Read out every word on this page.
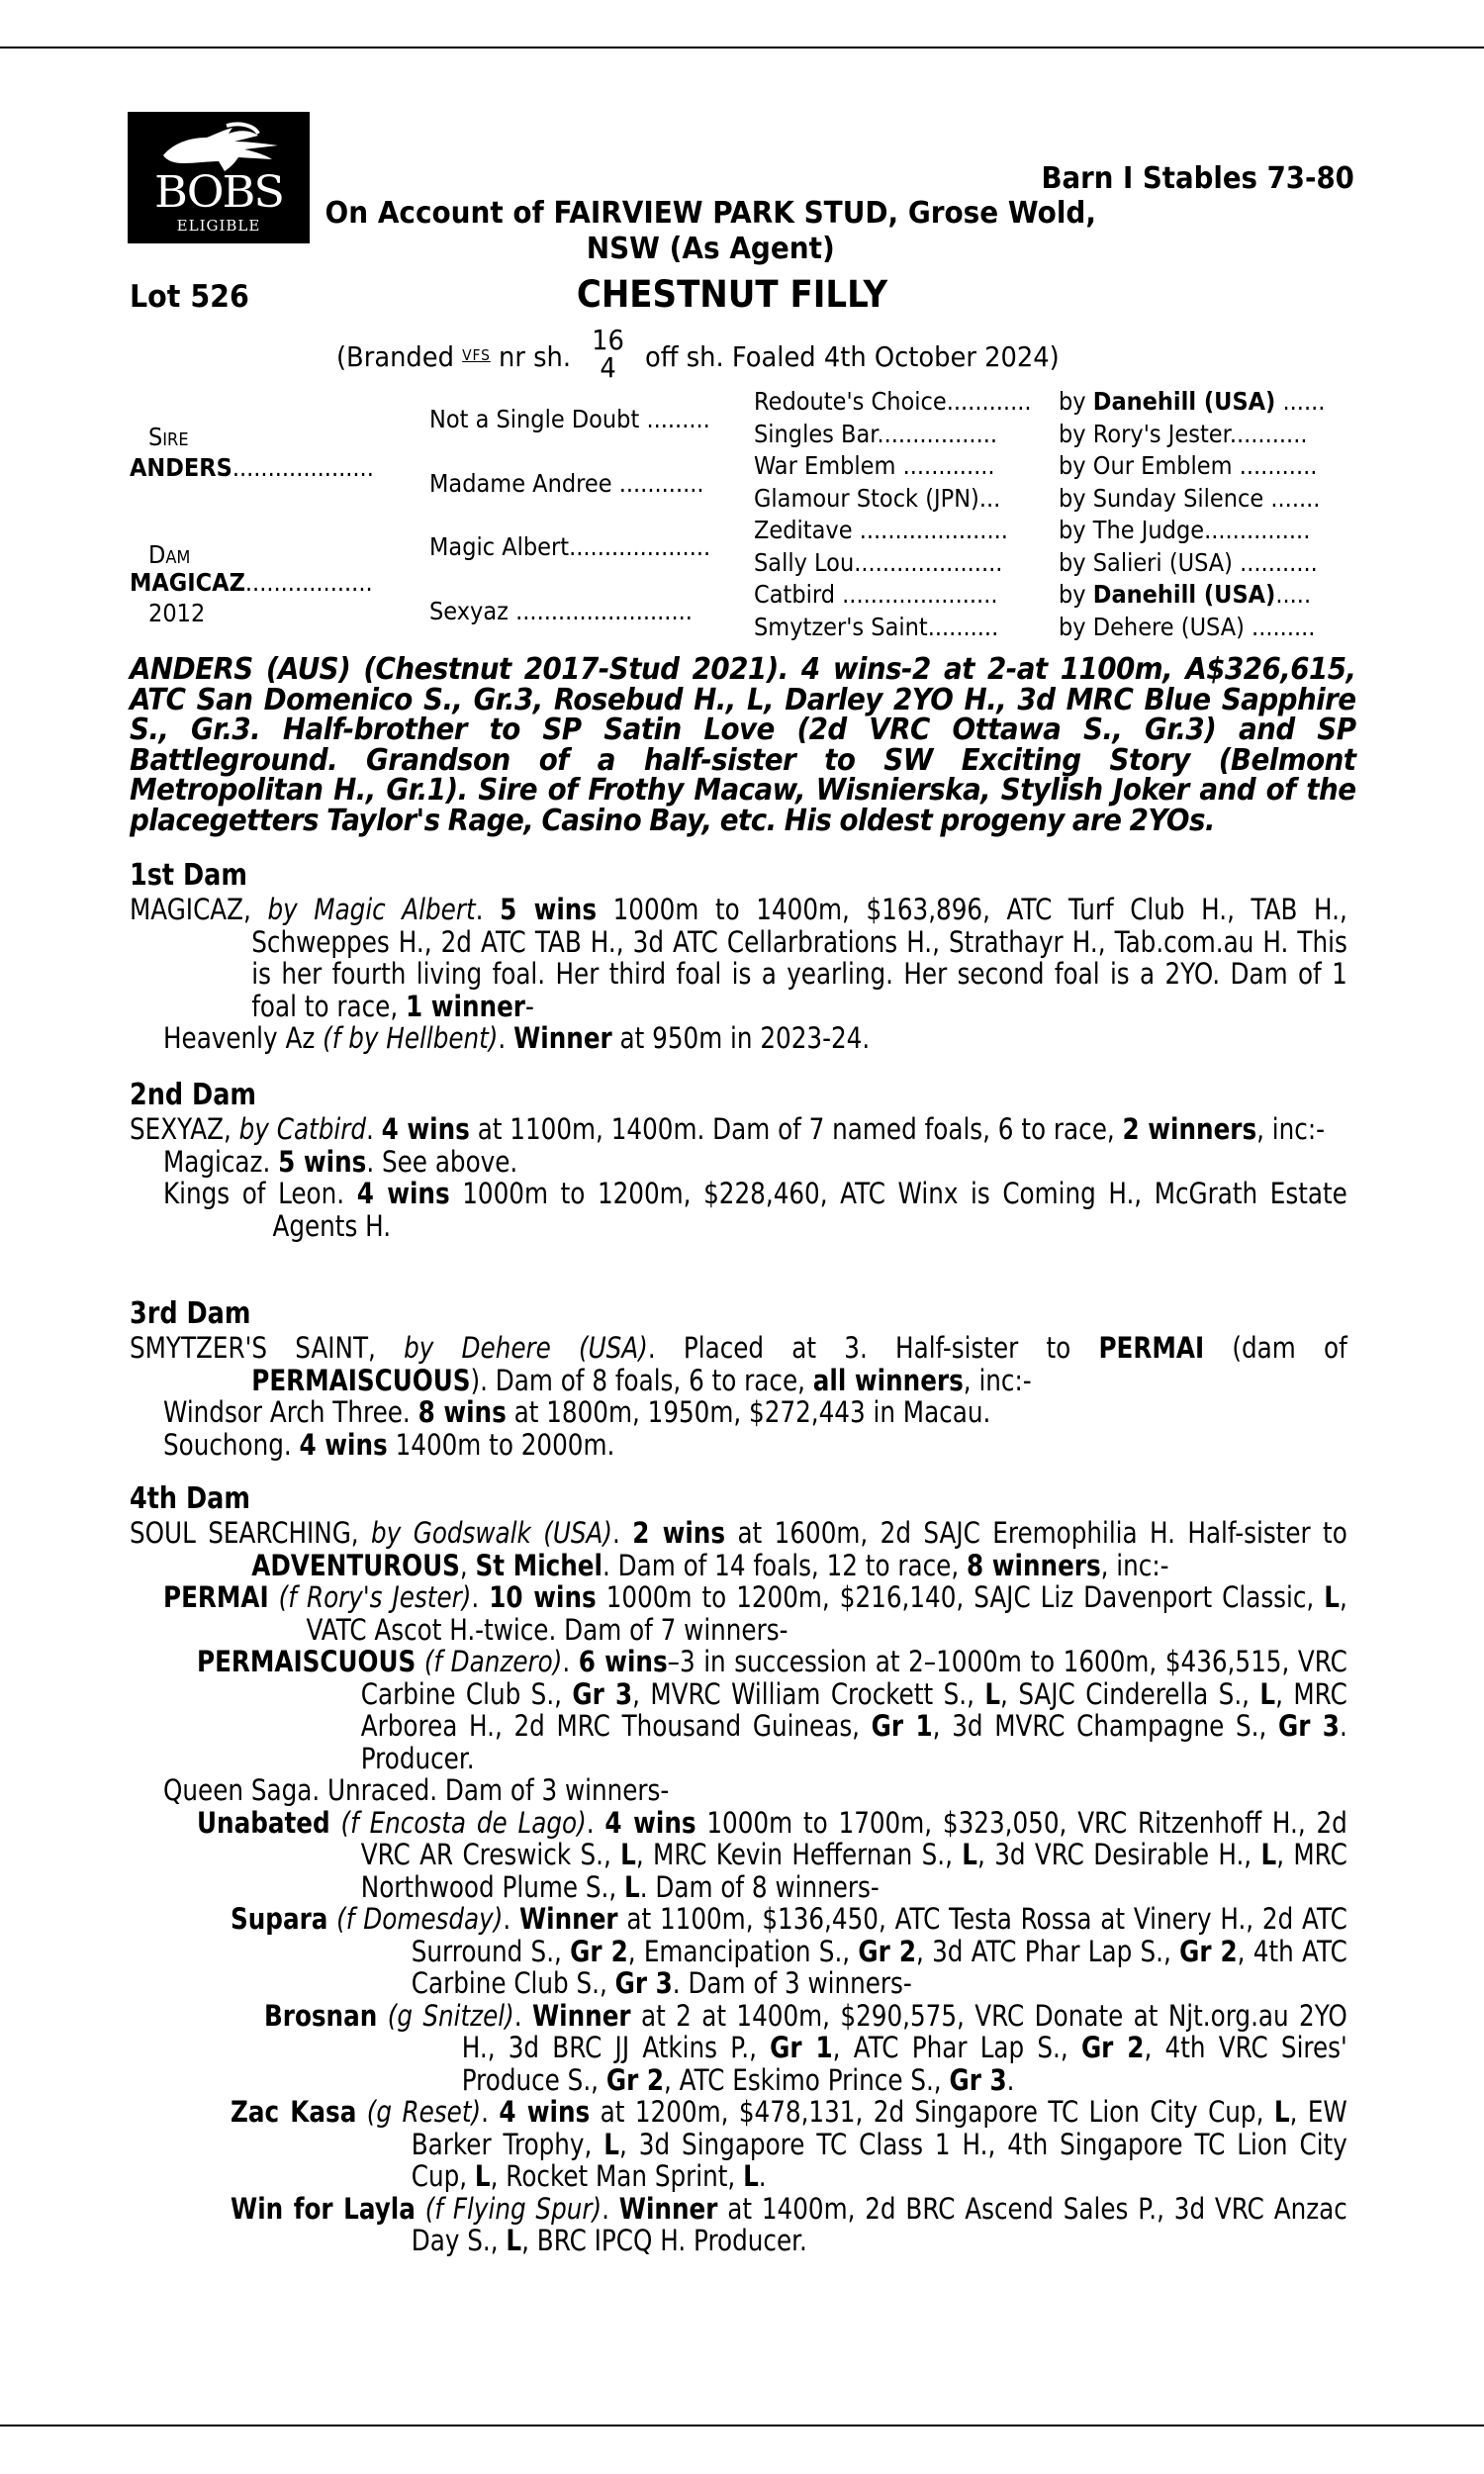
BOBS
ELIGIBLE
Barn I Stables 73-80
On Account of FAIRVIEW PARK STUD, Grose Wold,
NSW (As Agent)
Lot 526	CHESTNUT FILLY
(Branded $^{VFS}$ nr sh. 16
4 off sh. Foaled 4th October 2024)
Sire
ANDERS....................
Dam
MAGICAZ..................
2012
Not a Single Doubt .........
Madame Andree ............
Magic Albert....................
Sexyaz .........................
Redoute's Choice............
Singles Bar.................
War Emblem .............
Glamour Stock (JPN)...
Zeditave .....................
Sally Lou.....................
Catbird ......................
Smytzer's Saint..........
by Danehill (USA) ......
by Rory's Jester...........
by Our Emblem ...........
by Sunday Silence .......
by The Judge...............
by Salieri (USA) ...........
by Danehill (USA).....
by Dehere (USA) .........
ANDERS (AUS) (Chestnut 2017-Stud 2021). 4 wins-2 at 2-at 1100m, A$326,615, ATC San Domenico S., Gr.3, Rosebud H., L, Darley 2YO H., 3d MRC Blue Sapphire S., Gr.3. Half-brother to SP Satin Love (2d VRC Ottawa S., Gr.3) and SP Battleground. Grandson of a half-sister to SW Exciting Story (Belmont Metropolitan H., Gr.1). Sire of Frothy Macaw, Wisnierska, Stylish Joker and of the placegetters Taylor's Rage, Casino Bay, etc. His oldest progeny are 2YOs.
1st Dam
MAGICAZ, by Magic Albert. 5 wins 1000m to 1400m, $163,896, ATC Turf Club H., TAB H., Schweppes H., 2d ATC TAB H., 3d ATC Cellarbrations H., Strathayr H., Tab.com.au H. This is her fourth living foal. Her third foal is a yearling. Her second foal is a 2YO. Dam of 1 foal to race, 1 winner-
Heavenly Az (f by Hellbent). Winner at 950m in 2023-24.
2nd Dam
SEXYAZ, by Catbird. 4 wins at 1100m, 1400m. Dam of 7 named foals, 6 to race, 2 winners, inc:-
Magicaz. 5 wins. See above.
Kings of Leon. 4 wins 1000m to 1200m, $228,460, ATC Winx is Coming H., McGrath Estate Agents H.
3rd Dam
SMYTZER'S SAINT, by Dehere (USA). Placed at 3. Half-sister to PERMAI (dam of PERMAISCUOUS). Dam of 8 foals, 6 to race, all winners, inc:-
Windsor Arch Three. 8 wins at 1800m, 1950m, $272,443 in Macau.
Souchong. 4 wins 1400m to 2000m.
4th Dam
SOUL SEARCHING, by Godswalk (USA). 2 wins at 1600m, 2d SAJC Eremophilia H. Half-sister to ADVENTUROUS, St Michel. Dam of 14 foals, 12 to race, 8 winners, inc:-
PERMAI (f Rory's Jester). 10 wins 1000m to 1200m, $216,140, SAJC Liz Davenport Classic, L, VATC Ascot H.-twice. Dam of 7 winners-
PERMAISCUOUS (f Danzero). 6 wins–3 in succession at 2–1000m to 1600m, $436,515, VRC Carbine Club S., Gr 3, MVRC William Crockett S., L, SAJC Cinderella S., L, MRC Arborea H., 2d MRC Thousand Guineas, Gr 1, 3d MVRC Champagne S., Gr 3. Producer.
Queen Saga. Unraced. Dam of 3 winners-
Unabated (f Encosta de Lago). 4 wins 1000m to 1700m, $323,050, VRC Ritzenhoff H., 2d VRC AR Creswick S., L, MRC Kevin Heffernan S., L, 3d VRC Desirable H., L, MRC Northwood Plume S., L. Dam of 8 winners-
Supara (f Domesday). Winner at 1100m, $136,450, ATC Testa Rossa at Vinery H., 2d ATC Surround S., Gr 2, Emancipation S., Gr 2, 3d ATC Phar Lap S., Gr 2, 4th ATC Carbine Club S., Gr 3. Dam of 3 winners-
Brosnan (g Snitzel). Winner at 2 at 1400m, $290,575, VRC Donate at Njt.org.au 2YO H., 3d BRC JJ Atkins P., Gr 1, ATC Phar Lap S., Gr 2, 4th VRC Sires' Produce S., Gr 2, ATC Eskimo Prince S., Gr 3.
Zac Kasa (g Reset). 4 wins at 1200m, $478,131, 2d Singapore TC Lion City Cup, L, EW Barker Trophy, L, 3d Singapore TC Class 1 H., 4th Singapore TC Lion City Cup, L, Rocket Man Sprint, L.
Win for Layla (f Flying Spur). Winner at 1400m, 2d BRC Ascend Sales P., 3d VRC Anzac Day S., L, BRC IPCQ H. Producer.
